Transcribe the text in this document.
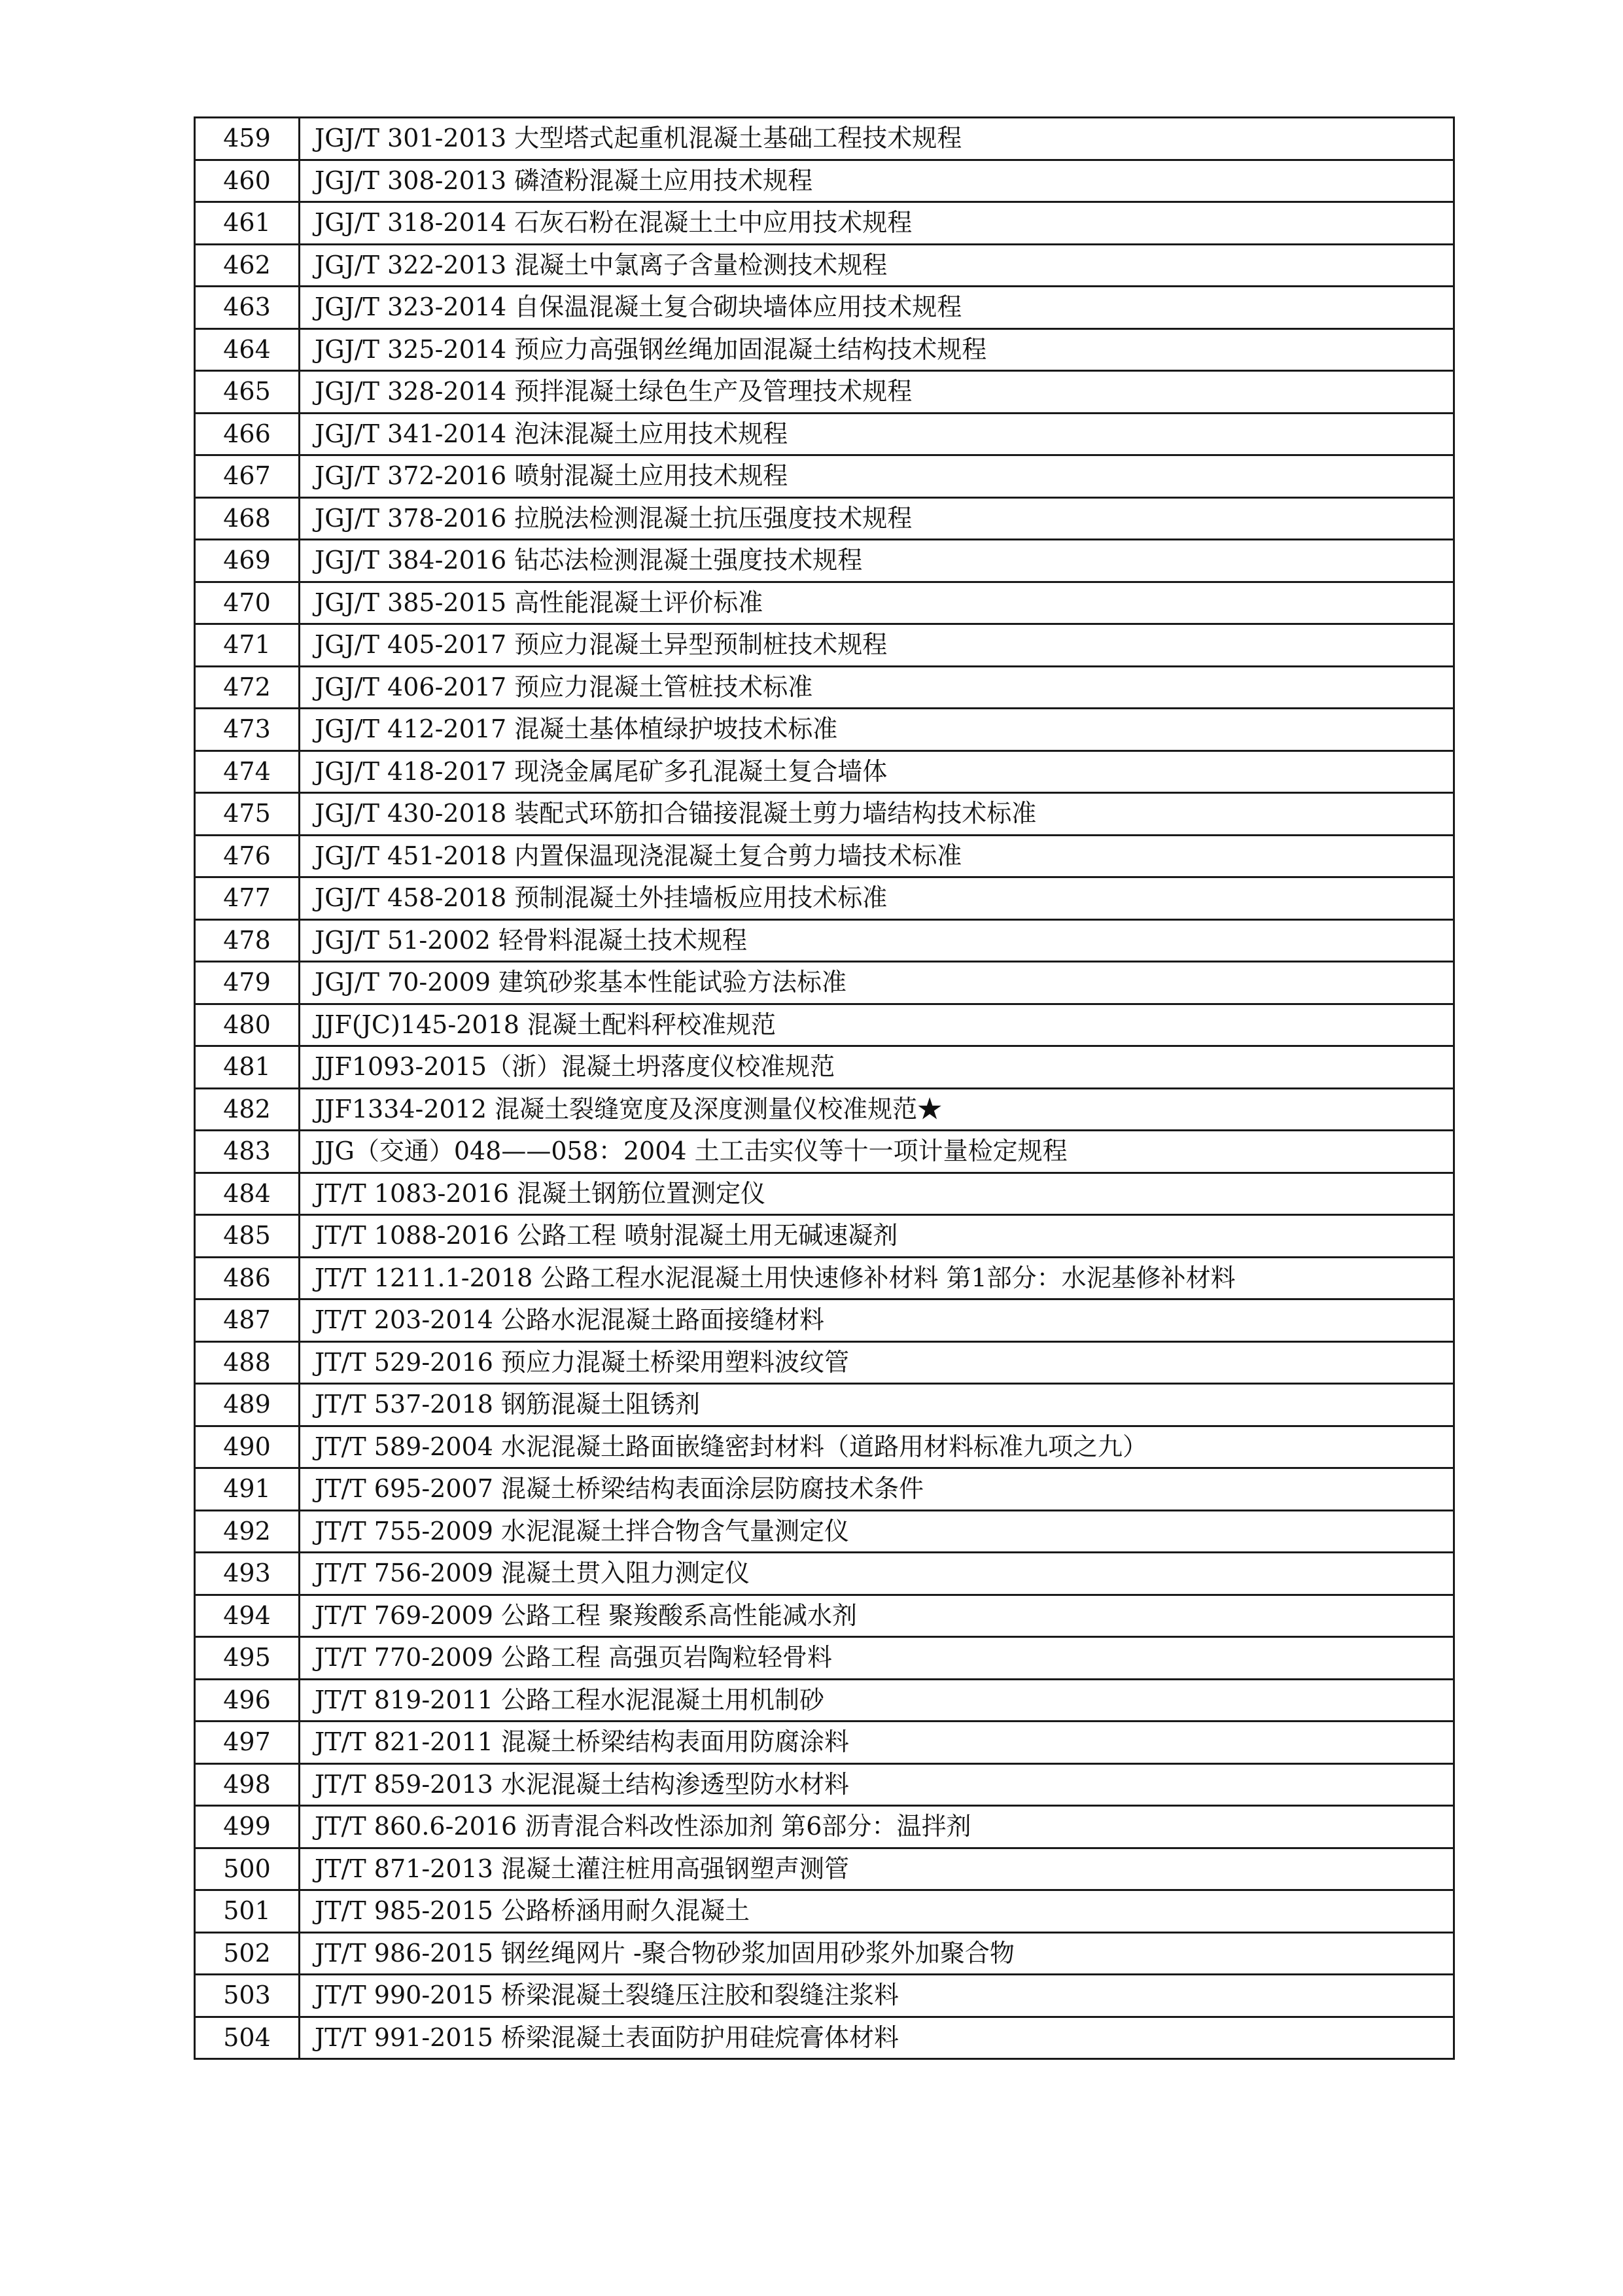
459	JGJ/T 301-2013 大型塔式起重机混凝土基础工程技术规程
460	JGJ/T 308-2013 磷渣粉混凝土应用技术规程
461	JGJ/T 318-2014 石灰石粉在混凝土土中应用技术规程
462	JGJ/T 322-2013 混凝土中氯离子含量检测技术规程
463	JGJ/T 323-2014 自保温混凝土复合砌块墙体应用技术规程
464	JGJ/T 325-2014 预应力高强钢丝绳加固混凝土结构技术规程
465	JGJ/T 328-2014 预拌混凝土绿色生产及管理技术规程
466	JGJ/T 341-2014 泡沫混凝土应用技术规程
467	JGJ/T 372-2016 喷射混凝土应用技术规程
468	JGJ/T 378-2016 拉脱法检测混凝土抗压强度技术规程
469	JGJ/T 384-2016 钻芯法检测混凝土强度技术规程
470	JGJ/T 385-2015 高性能混凝土评价标准
471	JGJ/T 405-2017 预应力混凝土异型预制桩技术规程
472	JGJ/T 406-2017 预应力混凝土管桩技术标准
473	JGJ/T 412-2017 混凝土基体植绿护坡技术标准
474	JGJ/T 418-2017 现浇金属尾矿多孔混凝土复合墙体
475	JGJ/T 430-2018 装配式环筋扣合锚接混凝土剪力墙结构技术标准
476	JGJ/T 451-2018 内置保温现浇混凝土复合剪力墙技术标准
477	JGJ/T 458-2018 预制混凝土外挂墙板应用技术标准
478	JGJ/T 51-2002 轻骨料混凝土技术规程
479	JGJ/T 70-2009 建筑砂浆基本性能试验方法标准
480	JJF(JC)145-2018 混凝土配料秤校准规范
481	JJF1093-2015（浙）混凝土坍落度仪校准规范
482	JJF1334-2012 混凝土裂缝宽度及深度测量仪校准规范★
483	JJG（交通）048——058：2004 土工击实仪等十一项计量检定规程
484	JT/T 1083-2016 混凝土钢筋位置测定仪
485	JT/T 1088-2016 公路工程 喷射混凝土用无碱速凝剂
486	JT/T 1211.1-2018 公路工程水泥混凝土用快速修补材料 第1部分：水泥基修补材料
487	JT/T 203-2014 公路水泥混凝土路面接缝材料
488	JT/T 529-2016 预应力混凝土桥梁用塑料波纹管
489	JT/T 537-2018 钢筋混凝土阻锈剂
490	JT/T 589-2004 水泥混凝土路面嵌缝密封材料（道路用材料标准九项之九）
491	JT/T 695-2007 混凝土桥梁结构表面涂层防腐技术条件
492	JT/T 755-2009 水泥混凝土拌合物含气量测定仪
493	JT/T 756-2009 混凝土贯入阻力测定仪
494	JT/T 769-2009 公路工程 聚羧酸系高性能减水剂
495	JT/T 770-2009 公路工程 高强页岩陶粒轻骨料
496	JT/T 819-2011 公路工程水泥混凝土用机制砂
497	JT/T 821-2011 混凝土桥梁结构表面用防腐涂料
498	JT/T 859-2013 水泥混凝土结构渗透型防水材料
499	JT/T 860.6-2016 沥青混合料改性添加剂 第6部分：温拌剂
500	JT/T 871-2013 混凝土灌注桩用高强钢塑声测管
501	JT/T 985-2015 公路桥涵用耐久混凝土
502	JT/T 986-2015 钢丝绳网片 -聚合物砂浆加固用砂浆外加聚合物
503	JT/T 990-2015 桥梁混凝土裂缝压注胶和裂缝注浆料
504	JT/T 991-2015 桥梁混凝土表面防护用硅烷膏体材料
